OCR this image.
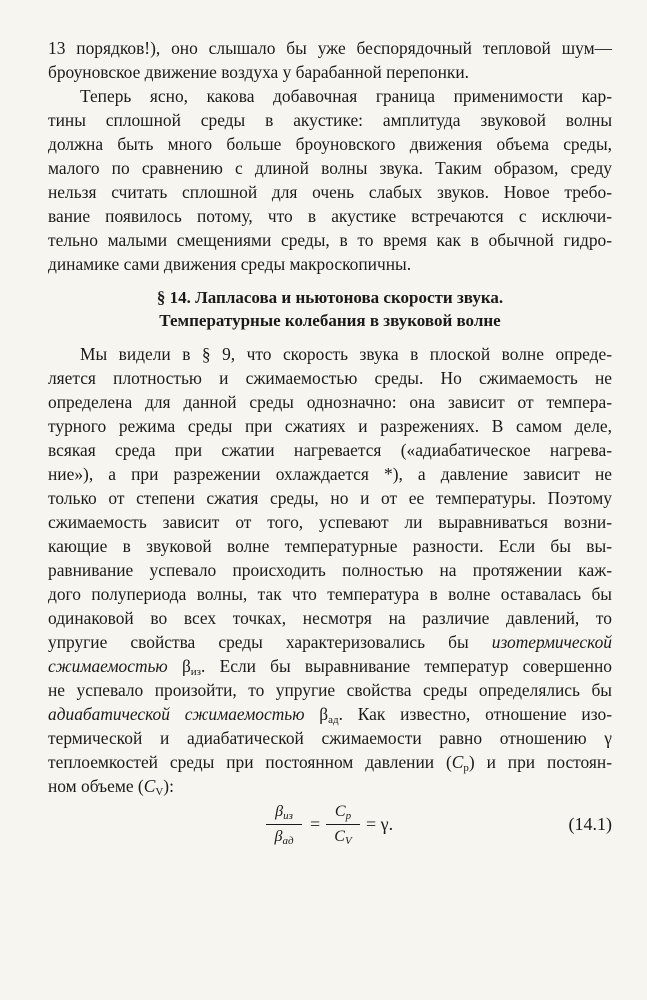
13 порядков!), оно слышало бы уже беспорядочный тепловой шум—
броуновское движение воздуха у барабанной перепонки.
Теперь ясно, какова добавочная граница применимости кар-
тины сплошной среды в акустике: амплитуда звуковой волны
должна быть много больше броуновского движения объема среды,
малого по сравнению с длиной волны звука. Таким образом, среду
нельзя считать сплошной для очень слабых звуков. Новое требо-
вание появилось потому, что в акустике встречаются с исключи-
тельно малыми смещениями среды, в то время как в обычной гидро-
динамике сами движения среды макроскопичны.
§ 14. Лапласова и ньютонова скорости звука.
Температурные колебания в звуковой волне
Мы видели в § 9, что скорость звука в плоской волне опреде-
ляется плотностью и сжимаемостью среды. Но сжимаемость не
определена для данной среды однозначно: она зависит от темпера-
турного режима среды при сжатиях и разрежениях. В самом деле,
всякая среда при сжатии нагревается («адиабатическое нагрева-
ние»), а при разрежении охлаждается *), а давление зависит не
только от степени сжатия среды, но и от ее температуры. Поэтому
сжимаемость зависит от того, успевают ли выравниваться возни-
кающие в звуковой волне температурные разности. Если бы вы-
равнивание успевало происходить полностью на протяжении каж-
дого полупериода волны, так что температура в волне оставалась бы
одинаковой во всех точках, несмотря на различие давлений, то
упругие свойства среды характеризовались бы изотермической
сжимаемостью $\beta_{из}$. Если бы выравнивание температур совершенно
не успевало произойти, то упругие свойства среды определялись бы
адиабатической сжимаемостью $\beta_{ад}$. Как известно, отношение изо-
термической и адиабатической сжимаемости равно отношению γ
теплоемкостей среды при постоянном давлении $(C_p)$ и при постоян-
ном объеме $(C_V)$:
$\beta_{из}$
$\beta_{ад}$
=
$C_p$
$C_V$
= γ.	(14.1)
